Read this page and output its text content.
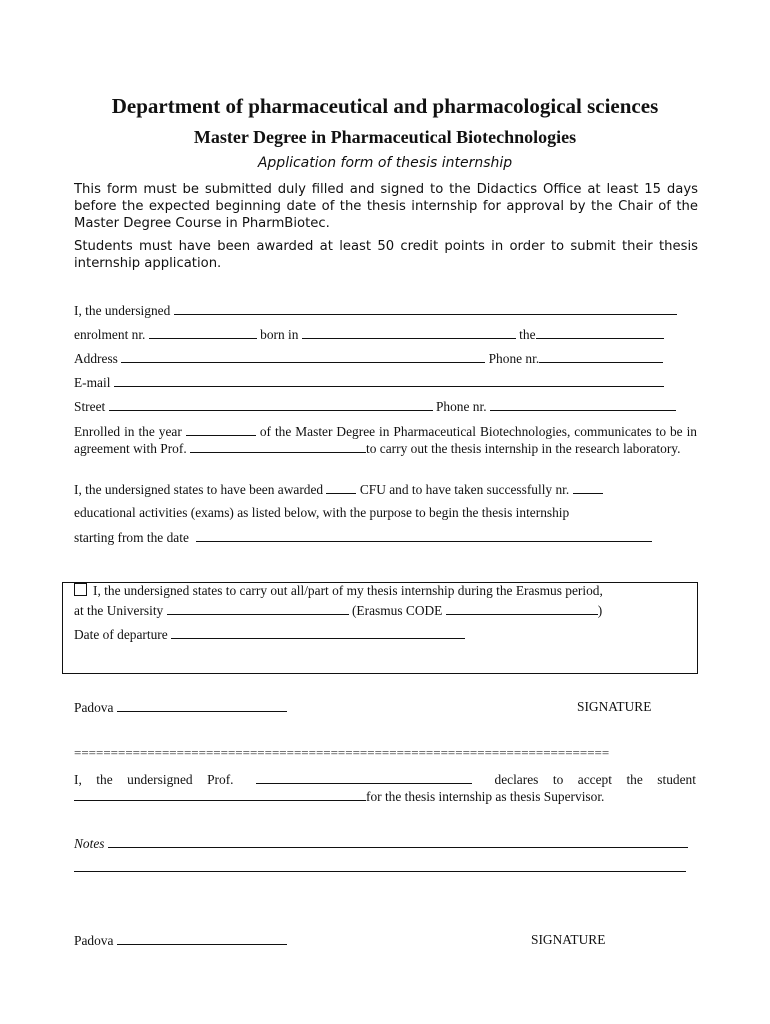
Department of pharmaceutical and pharmacological sciences
Master Degree in Pharmaceutical Biotechnologies
Application form of thesis internship
This form must be submitted duly filled and signed to the Didactics Office at least 15 days before the expected beginning date of the thesis internship for approval by the Chair of the Master Degree Course in PharmBiotec.
Students must have been awarded at least 50 credit points in order to submit their thesis internship application.
I, the undersigned
enrolment nr.	born in	the
Address	Phone nr.
E-mail
Street	Phone nr.
Enrolled in the year	of the Master Degree in Pharmaceutical Biotechnologies, communicates to be in agreement with Prof.	to carry out the thesis internship in the research laboratory.
I, the undersigned states to have been awarded	CFU and to have taken successfully nr.
educational activities (exams) as listed below, with the purpose to begin the thesis internship
starting from the date
I, the undersigned states to carry out all/part of my thesis internship during the Erasmus period,
at the University	(Erasmus CODE	)
Date of departure
Padova	SIGNATURE
=========================================================================
I, the undersigned Prof.	declares to accept the student for the thesis internship as thesis Supervisor.
Notes
Padova	SIGNATURE
